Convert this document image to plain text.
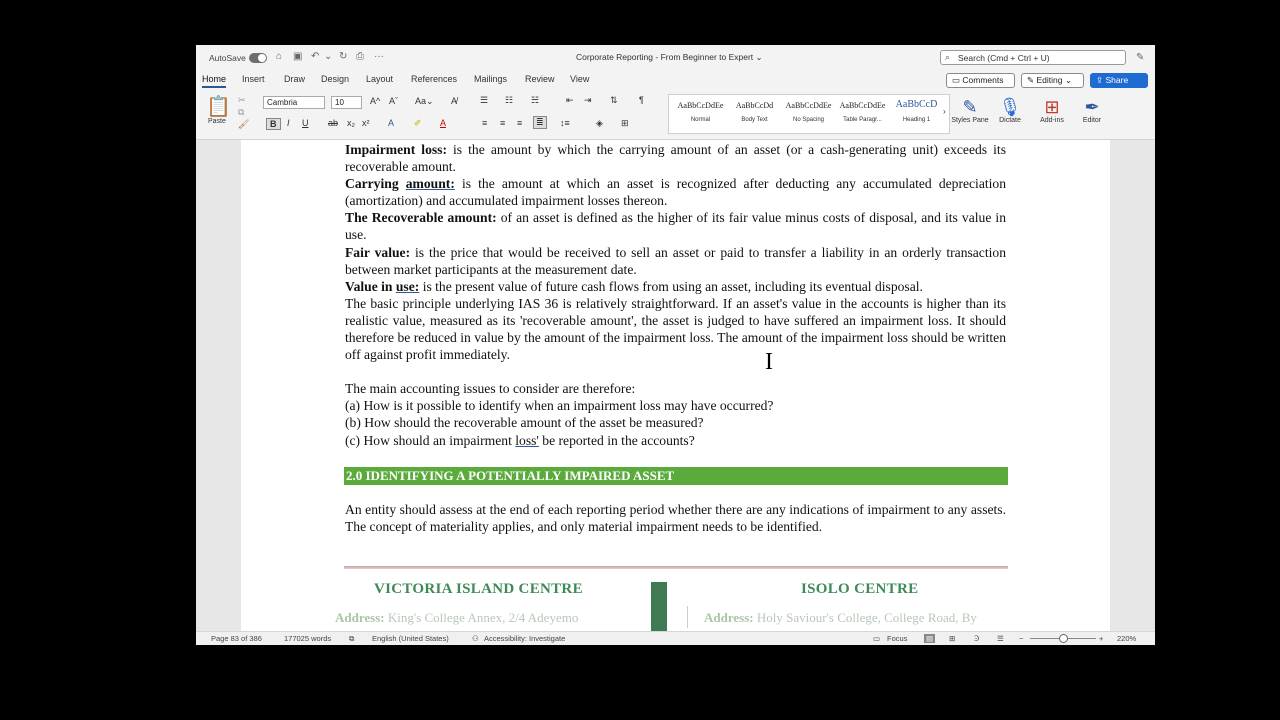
AutoSave	⌂ ▣ ↶ ⌄ ↻ ⎙ ···	Corporate Reporting - From Beginner to Expert ⌄	⌕ Search (Cmd + Ctrl + U)	✎
Home Insert Draw Design Layout References Mailings Review View	▭ Comments	✎ Editing ⌄	⇪ Share
📋
Paste
✂
⧉
🖌
Cambria	10	A^ Aˇ Aa⌄ A̸
B	I U ab x₂ x² A ✐ A
☰ ☷ ☵	⇤ ⇥ ⇅ ¶
≡ ≡ ≡	≣	↕≡	◈ ⊞
AaBbCcDdEe
Normal
AaBbCcDd
Body Text
AaBbCcDdEe
No Spacing
AaBbCcDdEe
Table Paragr...
AaBbCcD
Heading 1
› ✎
Styles Pane
🎙
Dictate
⊞
Add-ins
✒
Editor

Impairment loss: is the amount by which the carrying amount of an asset (or a cash-generating unit) exceeds its recoverable amount.

Carrying amount: is the amount at which an asset is recognized after deducting any accumulated depreciation (amortization) and accumulated impairment losses thereon.

The Recoverable amount: of an asset is defined as the higher of its fair value minus costs of disposal, and its value in use.

Fair value: is the price that would be received to sell an asset or paid to transfer a liability in an orderly transaction between market participants at the measurement date.

Value in use: is the present value of future cash flows from using an asset, including its eventual disposal.

The basic principle underlying IAS 36 is relatively straightforward. If an asset's value in the accounts is higher than its realistic value, measured as its 'recoverable amount', the asset is judged to have suffered an impairment loss. It should therefore be reduced in value by the amount of the impairment loss. The amount of the impairment loss should be written off against profit immediately.

The main accounting issues to consider are therefore:

(a) How is it possible to identify when an impairment loss may have occurred?

(b) How should the recoverable amount of the asset be measured?

(c) How should an impairment loss' be reported in the accounts?

2.0 IDENTIFYING A POTENTIALLY IMPAIRED ASSET
An entity should assess at the end of each reporting period whether there are any indications of impairment to any assets. The concept of materiality applies, and only material impairment needs to be identified.
VICTORIA ISLAND CENTRE
Address: King's College Annex, 2/4 Adeyemo
ISOLO CENTRE
Address: Holy Saviour's College, College Road, By
I
Page 83 of 386	177025 words ⧉ English (United States)	⚇ Accessibility: Investigate	▭ Focus ▤ ⊞ Ꜿ ☰ −	+ 220%
